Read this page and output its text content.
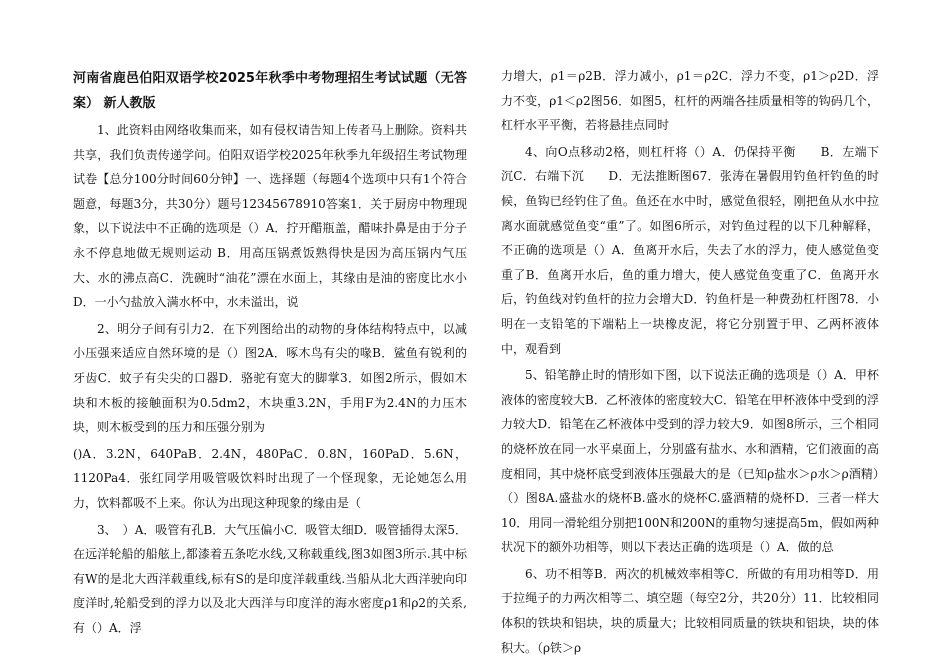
河南省鹿邑伯阳双语学校2025年秋季中考物理招生考试试题（无答案） 新人教版

1、此资料由网络收集而来，如有侵权请告知上传者马上删除。资料共共享，我们负责传递学问。伯阳双语学校2025年秋季九年级招生考试物理试卷【总分100分时间60分钟】一、选择题（每题4个选项中只有1个符合题意，每题3分，共30分）题号12345678910答案1．关于厨房中物理现象，以下说法中不正确的选项是（）A．拧开醋瓶盖，醋味扑鼻是由于分子永不停息地做无规则运动 B．用高压锅煮饭熟得快是因为高压锅内气压大、水的沸点高C．洗碗时“油花”漂在水面上，其缘由是油的密度比水小D．一小勺盐放入满水杯中，水未溢出，说

2、明分子间有引力2．在下列图给出的动物的身体结构特点中，以减小压强来适应自然环境的是（）图2A．啄木鸟有尖的喙B．鲨鱼有锐利的牙齿C．蚊子有尖尖的口器D．骆驼有宽大的脚掌3．如图2所示，假如木块和木板的接触面积为0.5dm2，木块重3.2N，手用F为2.4N的力压木块，则木板受到的压力和压强分别为

()A．3.2N，640PaB．2.4N，480PaC．0.8N，160PaD．5.6N，1120Pa4．张红同学用吸管吸饮料时出现了一个怪现象，无论她怎么用力，饮料都吸不上来。你认为出现这种现象的缘由是（

3、　）A．吸管有孔B．大气压偏小C．吸管太细D．吸管插得太深5．在远洋轮船的船舷上,都漆着五条吃水线,又称载重线,图3如图3所示.其中标有W的是北大西洋载重线,标有S的是印度洋载重线.当船从北大西洋驶向印度洋时,轮船受到的浮力以及北大西洋与印度洋的海水密度ρ1和ρ2的关系,有（）A．浮

力增大，ρ1＝ρ2B．浮力减小，ρ1＝ρ2C．浮力不变，ρ1＞ρ2D．浮力不变，ρ1＜ρ2图56．如图5，杠杆的两端各挂质量相等的钩码几个，杠杆水平平衡，若将悬挂点同时

4、向O点移动2格，则杠杆将（）A．仍保持平衡　　B．左端下沉C．右端下沉　　D．无法推断图67．张涛在暑假用钓鱼杆钓鱼的时候，鱼钩已经钓住了鱼。鱼还在水中时，感觉鱼很轻，刚把鱼从水中拉离水面就感觉鱼变“重”了。如图6所示，对钓鱼过程的以下几种解释，不正确的选项是（）A．鱼离开水后，失去了水的浮力，使人感觉鱼变重了B．鱼离开水后，鱼的重力增大，使人感觉鱼变重了C．鱼离开水后，钓鱼线对钓鱼杆的拉力会增大D．钓鱼杆是一种费劲杠杆图78．小明在一支铅笔的下端粘上一块橡皮泥，将它分别置于甲、乙两杯液体中，观看到

5、铅笔静止时的情形如下图，以下说法正确的选项是（）A．甲杯液体的密度较大B．乙杯液体的密度较大C．铅笔在甲杯液体中受到的浮力较大D．铅笔在乙杯液体中受到的浮力较大9．如图8所示，三个相同的烧杯放在同一水平桌面上，分别盛有盐水、水和酒精，它们液面的高度相同，其中烧杯底受到液体压强最大的是（已知ρ盐水＞ρ水＞ρ酒精）（）图8A.盛盐水的烧杯B.盛水的烧杯C.盛酒精的烧杯D．三者一样大10．用同一滑轮组分别把100N和200N的重物匀速提高5m，假如两种状况下的额外功相等，则以下表达正确的选项是（）A．做的总

6、功不相等B．两次的机械效率相等C．所做的有用功相等D．用于拉绳子的力两次相等二、填空题（每空2分，共20分）11．比较相同体积的铁块和铝块，块的质量大；比较相同质量的铁块和铝块，块的体积大。（ρ铁＞ρ
